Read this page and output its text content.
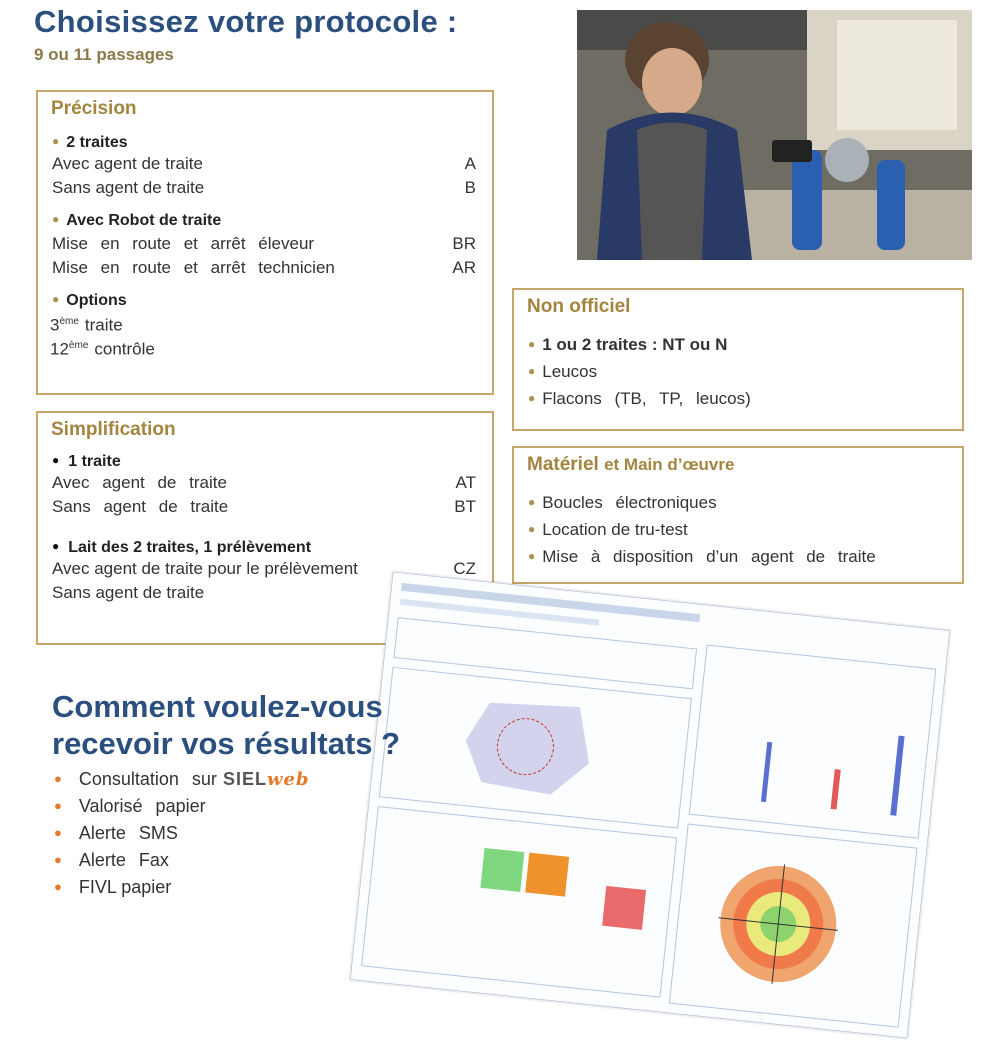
Choisissez votre protocole :
9 ou 11 passages
Précision
● 2 traites
Avec agent de traite	A
Sans agent de traite	B
● Avec Robot de traite
Mise en route et arrêt éleveur	BR
Mise en route et arrêt technicien	AR
● Options
3ème traite
12ème contrôle
Simplification
● 1 traite
Avec agent de traite	AT
Sans agent de traite	BT
● Lait des 2 traites, 1 prélèvement
Avec agent de traite pour le prélèvement	CZ
Sans agent de traite
Non officiel
● 1 ou 2 traites : NT ou N
● Leucos
● Flacons (TB, TP, leucos)
Matériel et Main d’œuvre
● Boucles électroniques
● Location de tru-test
● Mise à disposition d’un agent de traite
Comment voulez-vous
recevoir vos résultats ?
● Consultation sur SIELweb
● Valorisé papier
● Alerte SMS
● Alerte Fax
● FIVL papier
